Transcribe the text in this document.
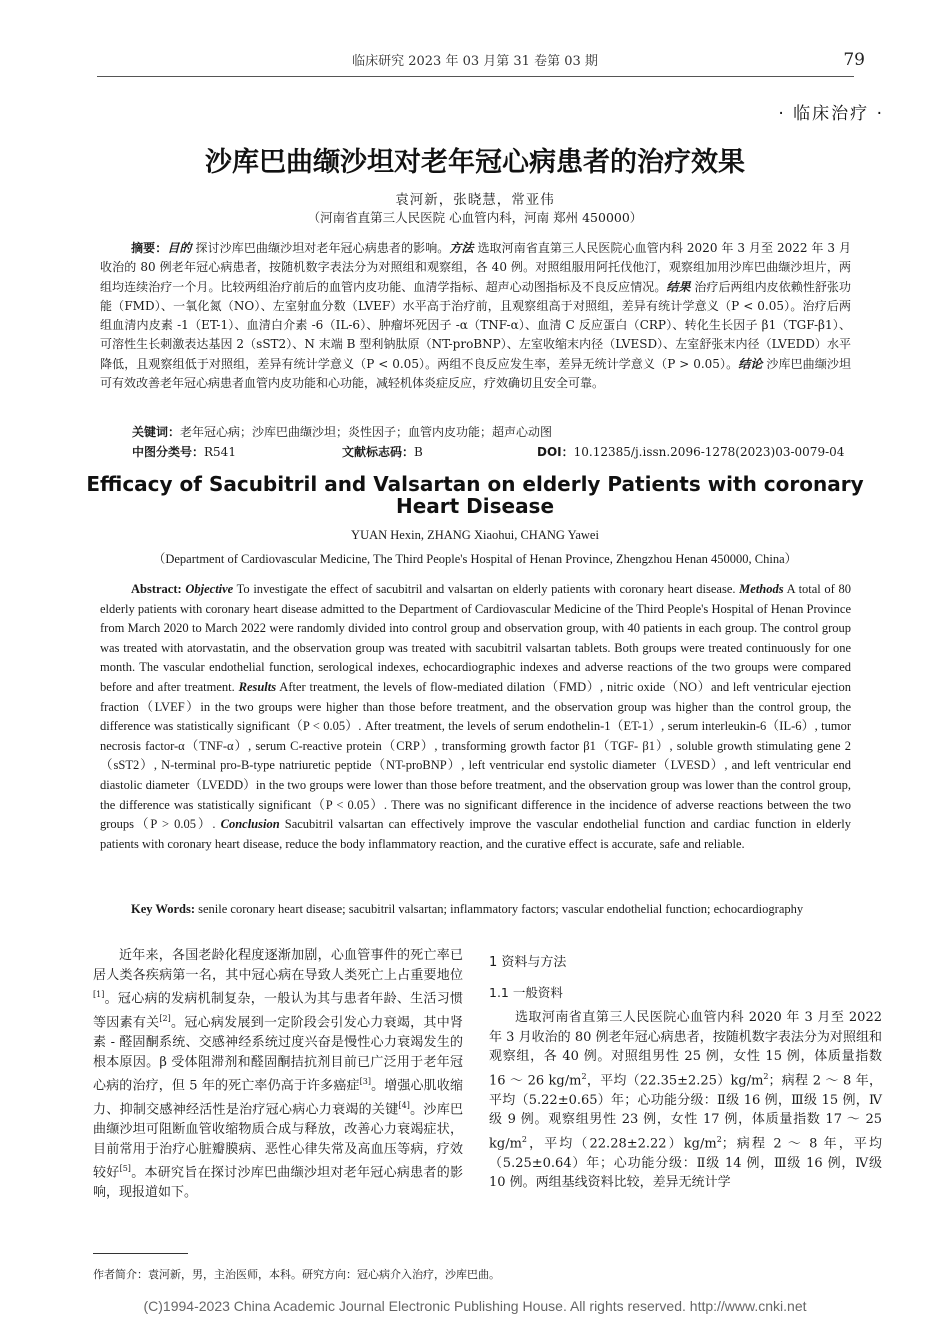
临床研究 2023 年 03 月第 31 卷第 03 期	79
· 临床治疗 ·
沙库巴曲缬沙坦对老年冠心病患者的治疗效果
袁河新，张晓慧，常亚伟
（河南省直第三人民医院 心血管内科，河南 郑州 450000）
摘要：目的 探讨沙库巴曲缬沙坦对老年冠心病患者的影响。方法 选取河南省直第三人民医院心血管内科 2020 年 3 月至 2022 年 3 月收治的 80 例老年冠心病患者，按随机数字表法分为对照组和观察组，各 40 例。对照组服用阿托伐他汀，观察组加用沙库巴曲缬沙坦片，两组均连续治疗一个月。比较两组治疗前后的血管内皮功能、血清学指标、超声心动图指标及不良反应情况。结果 治疗后两组内皮依赖性舒张功能（FMD）、一氧化氮（NO）、左室射血分数（LVEF）水平高于治疗前，且观察组高于对照组，差异有统计学意义（P < 0.05）。治疗后两组血清内皮素 -1（ET-1）、血清白介素 -6（IL-6）、肿瘤坏死因子 -α（TNF-α）、血清 C 反应蛋白（CRP）、转化生长因子 β1（TGF-β1）、可溶性生长刺激表达基因 2（sST2）、N 末端 B 型利钠肽原（NT-proBNP）、左室收缩末内径（LVESD）、左室舒张末内径（LVEDD）水平降低，且观察组低于对照组，差异有统计学意义（P < 0.05）。两组不良反应发生率，差异无统计学意义（P > 0.05）。结论 沙库巴曲缬沙坦可有效改善老年冠心病患者血管内皮功能和心功能，减轻机体炎症反应，疗效确切且安全可靠。
关键词：老年冠心病；沙库巴曲缬沙坦；炎性因子；血管内皮功能；超声心动图
中图分类号：R541	文献标志码：B	DOI：10.12385/j.issn.2096-1278(2023)03-0079-04
Efficacy of Sacubitril and Valsartan on elderly Patients with coronary Heart Disease
YUAN Hexin, ZHANG Xiaohui, CHANG Yawei
（Department of Cardiovascular Medicine, The Third People's Hospital of Henan Province, Zhengzhou Henan 450000, China）
Abstract: Objective To investigate the effect of sacubitril and valsartan on elderly patients with coronary heart disease. Methods A total of 80 elderly patients with coronary heart disease admitted to the Department of Cardiovascular Medicine of the Third People's Hospital of Henan Province from March 2020 to March 2022 were randomly divided into control group and observation group, with 40 patients in each group. The control group was treated with atorvastatin, and the observation group was treated with sacubitril valsartan tablets. Both groups were treated continuously for one month. The vascular endothelial function, serological indexes, echocardiographic indexes and adverse reactions of the two groups were compared before and after treatment. Results After treatment, the levels of flow-mediated dilation（FMD）, nitric oxide（NO）and left ventricular ejection fraction（LVEF）in the two groups were higher than those before treatment, and the observation group was higher than the control group, the difference was statistically significant（P < 0.05）. After treatment, the levels of serum endothelin-1（ET-1）, serum interleukin-6（IL-6）, tumor necrosis factor-α（TNF-α）, serum C-reactive protein（CRP）, transforming growth factor β1（TGF- β1）, soluble growth stimulating gene 2（sST2）, N-terminal pro-B-type natriuretic peptide（NT-proBNP）, left ventricular end systolic diameter（LVESD）, and left ventricular end diastolic diameter（LVEDD）in the two groups were lower than those before treatment, and the observation group was lower than the control group, the difference was statistically significant（P < 0.05）. There was no significant difference in the incidence of adverse reactions between the two groups（P > 0.05）. Conclusion Sacubitril valsartan can effectively improve the vascular endothelial function and cardiac function in elderly patients with coronary heart disease, reduce the body inflammatory reaction, and the curative effect is accurate, safe and reliable.
Key Words: senile coronary heart disease; sacubitril valsartan; inflammatory factors; vascular endothelial function; echocardiography
近年来，各国老龄化程度逐渐加剧，心血管事件的死亡率已居人类各疾病第一名，其中冠心病在导致人类死亡上占重要地位[1]。冠心病的发病机制复杂，一般认为其与患者年龄、生活习惯等因素有关[2]。冠心病发展到一定阶段会引发心力衰竭，其中肾素 - 醛固酮系统、交感神经系统过度兴奋是慢性心力衰竭发生的根本原因。β 受体阻滞剂和醛固酮拮抗剂目前已广泛用于老年冠心病的治疗，但 5 年的死亡率仍高于许多癌症[3]。增强心肌收缩力、抑制交感神经活性是治疗冠心病心力衰竭的关键[4]。沙库巴曲缬沙坦可阻断血管收缩物质合成与释放，改善心力衰竭症状，目前常用于治疗心脏瓣膜病、恶性心律失常及高血压等病，疗效较好[5]。本研究旨在探讨沙库巴曲缬沙坦对老年冠心病患者的影响，现报道如下。
1 资料与方法
1.1 一般资料
选取河南省直第三人民医院心血管内科 2020 年 3 月至 2022 年 3 月收治的 80 例老年冠心病患者，按随机数字表法分为对照组和观察组，各 40 例。对照组男性 25 例，女性 15 例，体质量指数 16 ～ 26 $kg/m^2$，平均$(22.35\pm 2.25)kg/m^2$；病程 2 ～ 8 年，平均（5.22±0.65）年；心功能分级：Ⅱ级 16 例，Ⅲ级 15 例，Ⅳ级 9 例。观察组男性 23 例，女性 17 例，体质量指数 17 ～ 25 $kg/m^2$，平均$(22.28\pm 2.22)kg/m^2$；病程 2 ～ 8 年，平均（5.25±0.64）年；心功能分级：Ⅱ级 14 例，Ⅲ级 16 例，Ⅳ级 10 例。两组基线资料比较，差异无统计学
作者简介：袁河新，男，主治医师，本科。研究方向：冠心病介入治疗，沙库巴曲。
(C)1994-2023 China Academic Journal Electronic Publishing House. All rights reserved. http://www.cnki.net
